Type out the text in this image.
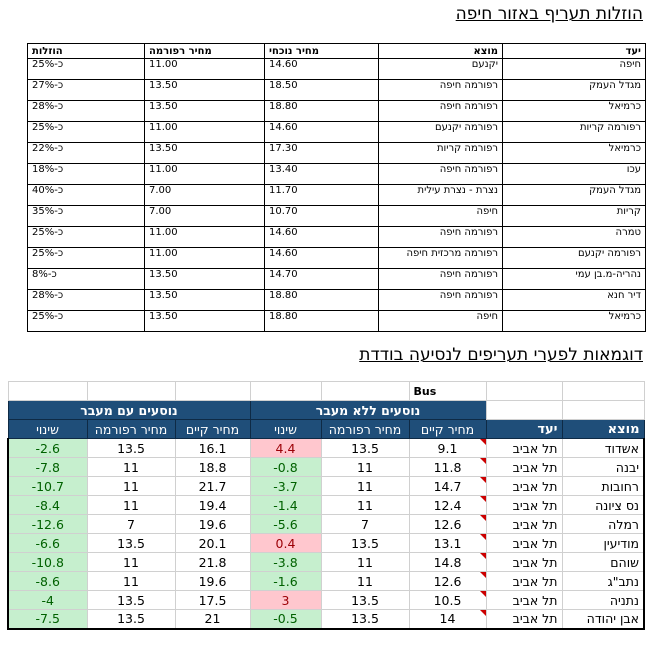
הוזלות תעריף באזור חיפה
יעד	מוצא	מחיר נוכחי	מחיר רפורמה	הוזלות
חיפה	יקנעם	14.60	11.00	כ-25%
מגדל העמק	רפורמה חיפה	18.50	13.50	כ-27%
כרמיאל	רפורמה חיפה	18.80	13.50	כ-28%
רפורמה קריות	רפורמה יקנעם	14.60	11.00	כ-25%
כרמיאל	רפורמה קריות	17.30	13.50	כ-22%
עכו	רפורמה חיפה	13.40	11.00	כ-18%
מגדל העמק	נצרת - נצרת עילית	11.70	7.00	כ-40%
קריות	חיפה	10.70	7.00	כ-35%
טמרה	רפורמה חיפה	14.60	11.00	כ-25%
רפורמה יקנעם	רפורמה מרכזית חיפה	14.60	11.00	כ-25%
נהריה-מ.בן עמי	רפורמה חיפה	14.70	13.50	כ-8%
דיר חנא	רפורמה חיפה	18.80	13.50	כ-28%
כרמיאל	חיפה	18.80	13.50	כ-25%
דוגמאות לפערי תעריפים לנסיעה בודדת
		Bus					
		נוסעים ללא מעבר			נוסעים עם מעבר		
מוצא	יעד	מחיר קיים	מחיר רפורמה	שינוי	מחיר קיים	מחיר רפורמה	שינוי
אשדוד	תל אביב	9.1	13.5	4.4	16.1	13.5	-2.6
יבנה	תל אביב	11.8	11	-0.8	18.8	11	-7.8
רחובות	תל אביב	14.7	11	-3.7	21.7	11	-10.7
נס ציונה	תל אביב	12.4	11	-1.4	19.4	11	-8.4
רמלה	תל אביב	12.6	7	-5.6	19.6	7	-12.6
מודיעין	תל אביב	13.1	13.5	0.4	20.1	13.5	-6.6
שוהם	תל אביב	14.8	11	-3.8	21.8	11	-10.8
נתב"ג	תל אביב	12.6	11	-1.6	19.6	11	-8.6
נתניה	תל אביב	10.5	13.5	3	17.5	13.5	-4
אבן יהודה	תל אביב	14	13.5	-0.5	21	13.5	-7.5
